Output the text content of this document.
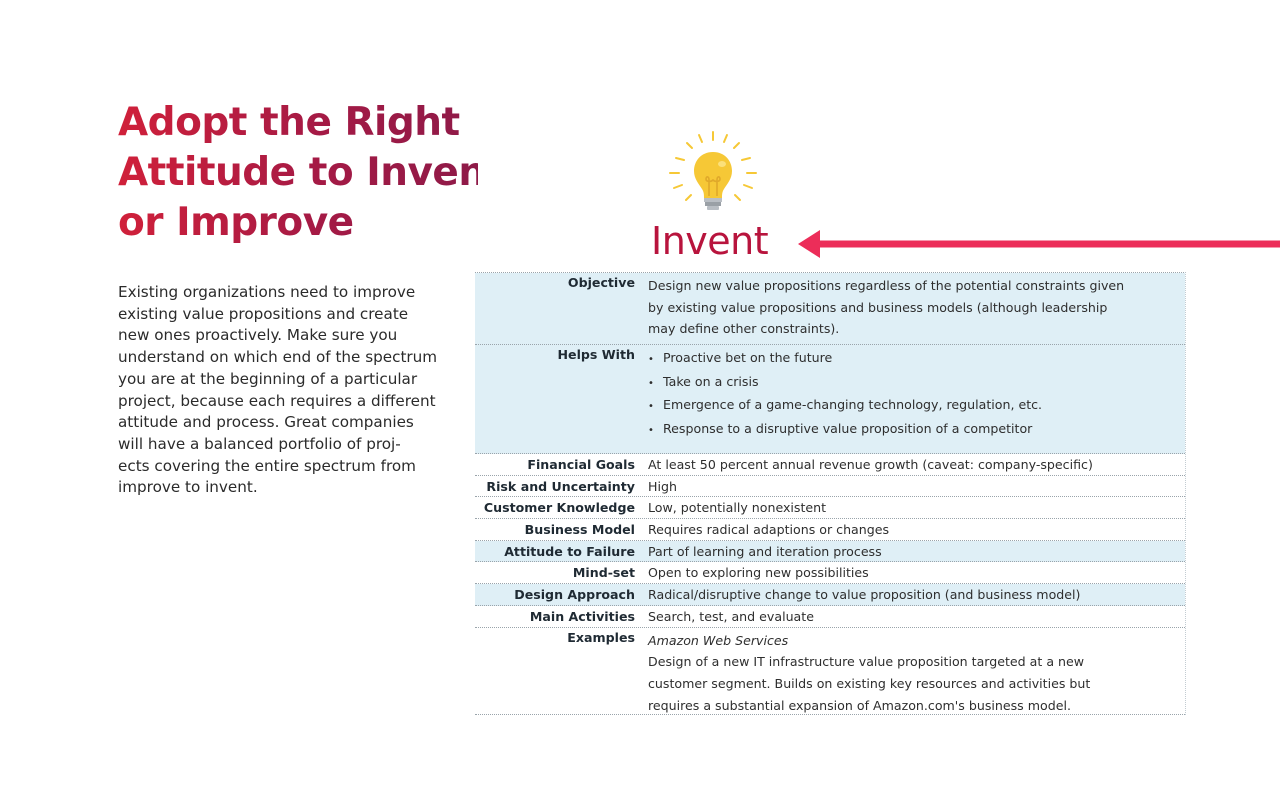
Adopt the Right
Attitude to Invent
or Improve

Existing organizations need to improve
existing value propositions and create
new ones proactively. Make sure you
understand on which end of the spectrum
you are at the beginning of a particular
project, because each requires a different
attitude and process. Great companies
will have a balanced portfolio of proj-
ects covering the entire spectrum from
improve to invent.

Invent
Objective Design new value propositions regardless of the potential constraints given
by existing value propositions and business models (although leadership
may define other constraints).
Helps With
•	Proactive bet on the future
• Take on a crisis
• Emergence of a game-changing technology, regulation, etc.
• Response to a disruptive value proposition of a competitor
Financial Goals	At least 50 percent annual revenue growth (caveat: company-specific)
Risk and Uncertainty	High
Customer Knowledge	Low, potentially nonexistent
Business Model	Requires radical adaptions or changes
Attitude to Failure	Part of learning and iteration process
Mind-set	Open to exploring new possibilities
Design Approach	Radical/disruptive change to value proposition (and business model)
Main Activities	Search, test, and evaluate
Examples Amazon Web Services
Design of a new IT infrastructure value proposition targeted at a new
customer segment. Builds on existing key resources and activities but
requires a substantial expansion of Amazon.com's business model.
